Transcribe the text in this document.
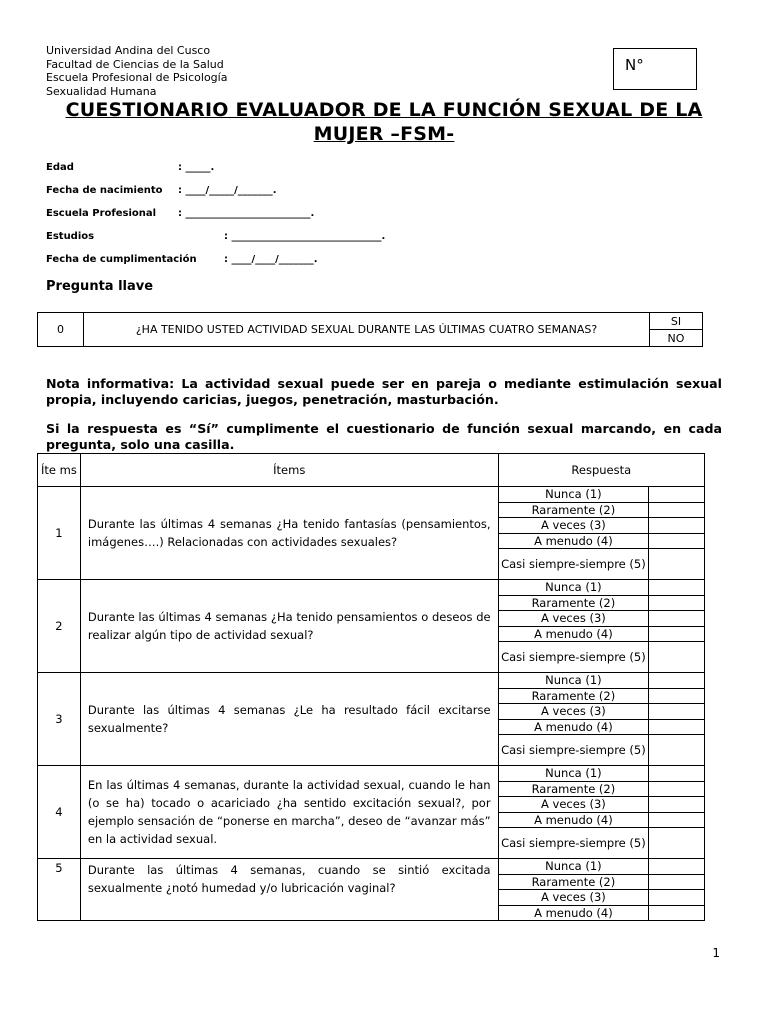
Universidad Andina del Cusco
Facultad de Ciencias de la Salud
Escuela Profesional de Psicología
Sexualidad Humana
N°
CUESTIONARIO EVALUADOR DE LA FUNCIÓN SEXUAL DE LA MUJER –FSM-
Edad	: _____.
Fecha de nacimiento : ____/_____/_______.
Escuela Profesional : _________________________.
Estudios	: ______________________________.
Fecha de cumplimentación	: ____/____/_______.
Pregunta llave
0	¿HA TENIDO USTED ACTIVIDAD SEXUAL DURANTE LAS ÚLTIMAS CUATRO SEMANAS?	SI
NO
Nota informativa: La actividad sexual puede ser en pareja o mediante estimulación sexual propia, incluyendo caricias, juegos, penetración, masturbación.
Si la respuesta es “Sí” cumplimente el cuestionario de función sexual marcando, en cada pregunta, solo una casilla.
Íte ms	Ítems	Respuesta	
1	Durante las últimas 4 semanas ¿Ha tenido fantasías (pensamientos, imágenes….) Relacionadas con actividades sexuales?	Nunca (1)	
		Raramente (2)	
		A veces (3)	
		A menudo (4)	
		Casi siempre-siempre (5)	
2	Durante las últimas 4 semanas ¿Ha tenido pensamientos o deseos de realizar algún tipo de actividad sexual?	Nunca (1)	
		Raramente (2)	
		A veces (3)	
		A menudo (4)	
		Casi siempre-siempre (5)	
3	Durante las últimas 4 semanas ¿Le ha resultado fácil excitarse sexualmente?	Nunca (1)	
		Raramente (2)	
		A veces (3)	
		A menudo (4)	
		Casi siempre-siempre (5)	
4	En las últimas 4 semanas, durante la actividad sexual, cuando le han (o se ha) tocado o acariciado ¿ha sentido excitación sexual?, por ejemplo sensación de “ponerse en marcha”, deseo de “avanzar más” en la actividad sexual.	Nunca (1)	
		Raramente (2)	
		A veces (3)	
		A menudo (4)	
		Casi siempre-siempre (5)	
5	Durante las últimas 4 semanas, cuando se sintió excitada sexualmente ¿notó humedad y/o lubricación vaginal?	Nunca (1)	
		Raramente (2)	
		A veces (3)	
		A menudo (4)	
1
